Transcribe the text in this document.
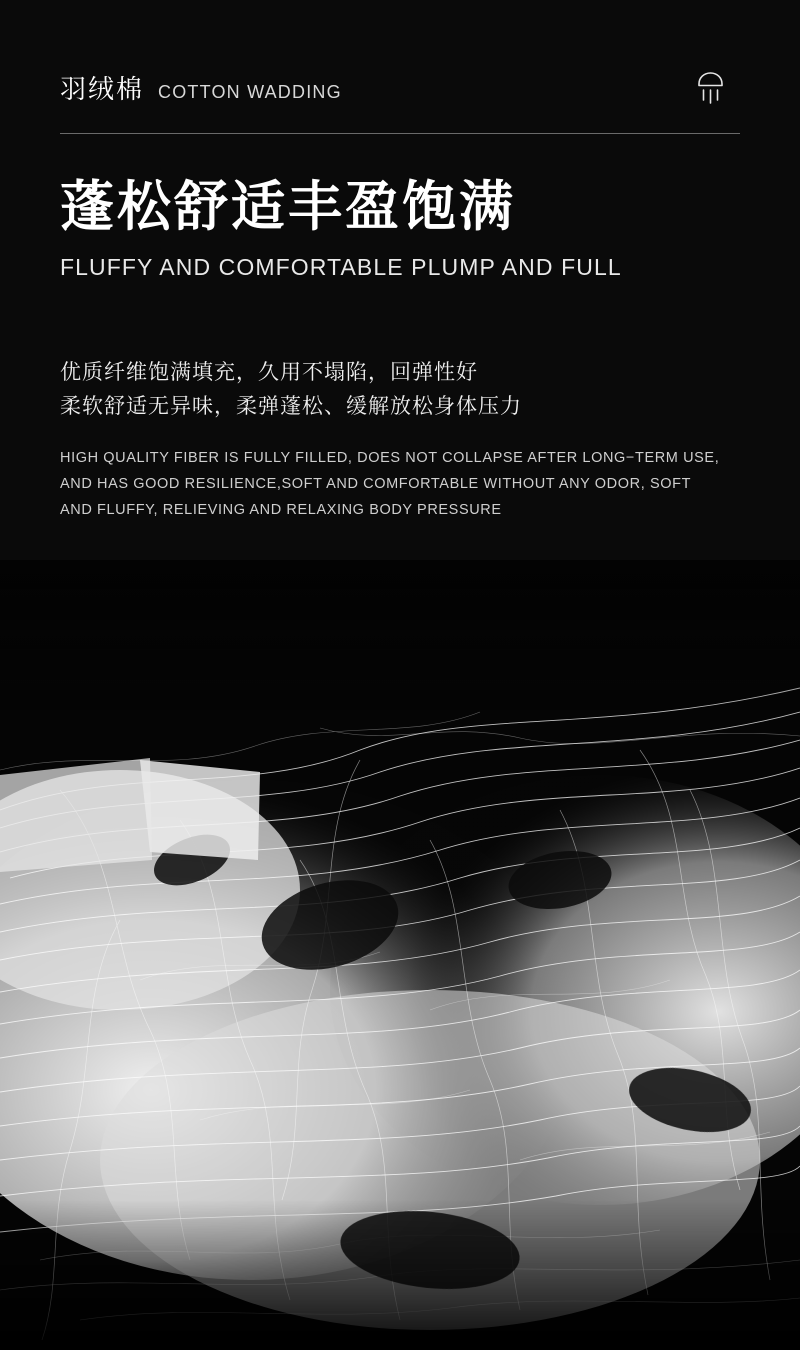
羽绒棉 COTTON WADDING
蓬松舒适丰盈饱满

FLUFFY AND COMFORTABLE PLUMP AND FULL

优质纤维饱满填充，久用不塌陷，回弹性好

柔软舒适无异味，柔弹蓬松、缓解放松身体压力

HIGH QUALITY FIBER IS FULLY FILLED, DOES NOT COLLAPSE AFTER LONG−TERM USE, AND HAS GOOD RESILIENCE,SOFT AND COMFORTABLE WITHOUT ANY ODOR, SOFT AND FLUFFY, RELIEVING AND RELAXING BODY PRESSURE
